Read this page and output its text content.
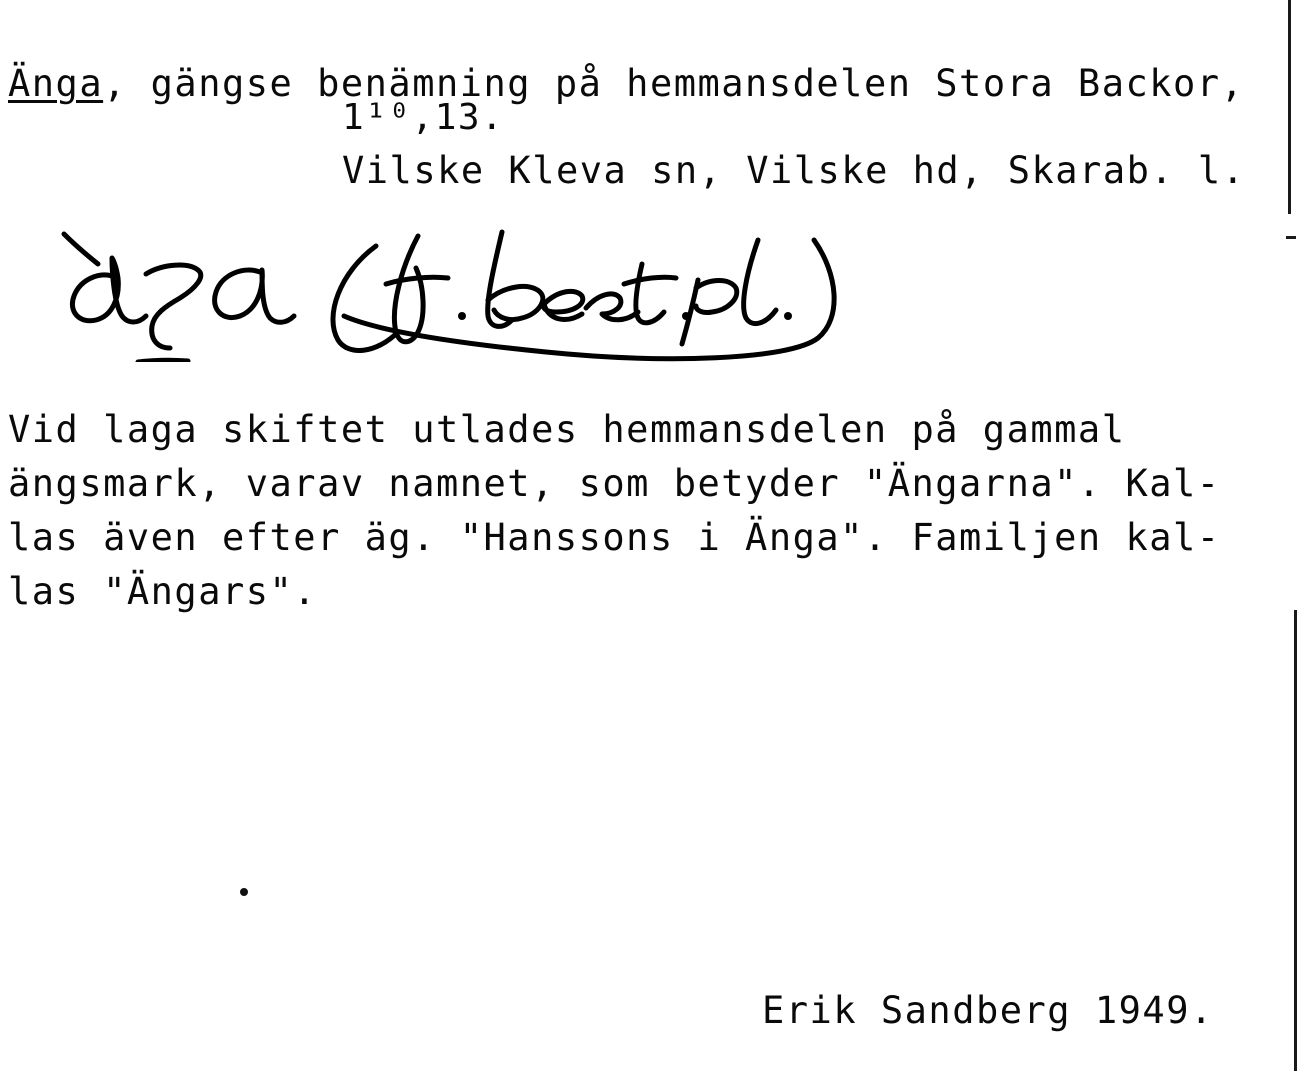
Änga, gängse benämning på hemmansdelen Stora Backor,
1¹⁰,13.
Vilske Kleva sn, Vilske hd, Skarab. l.
Vid laga skiftet utlades hemmansdelen på gammal
ängsmark, varav namnet, som betyder "Ängarna". Kal-
las även efter äg. "Hanssons i Änga". Familjen kal-
las "Ängars".
Erik Sandberg 1949.
